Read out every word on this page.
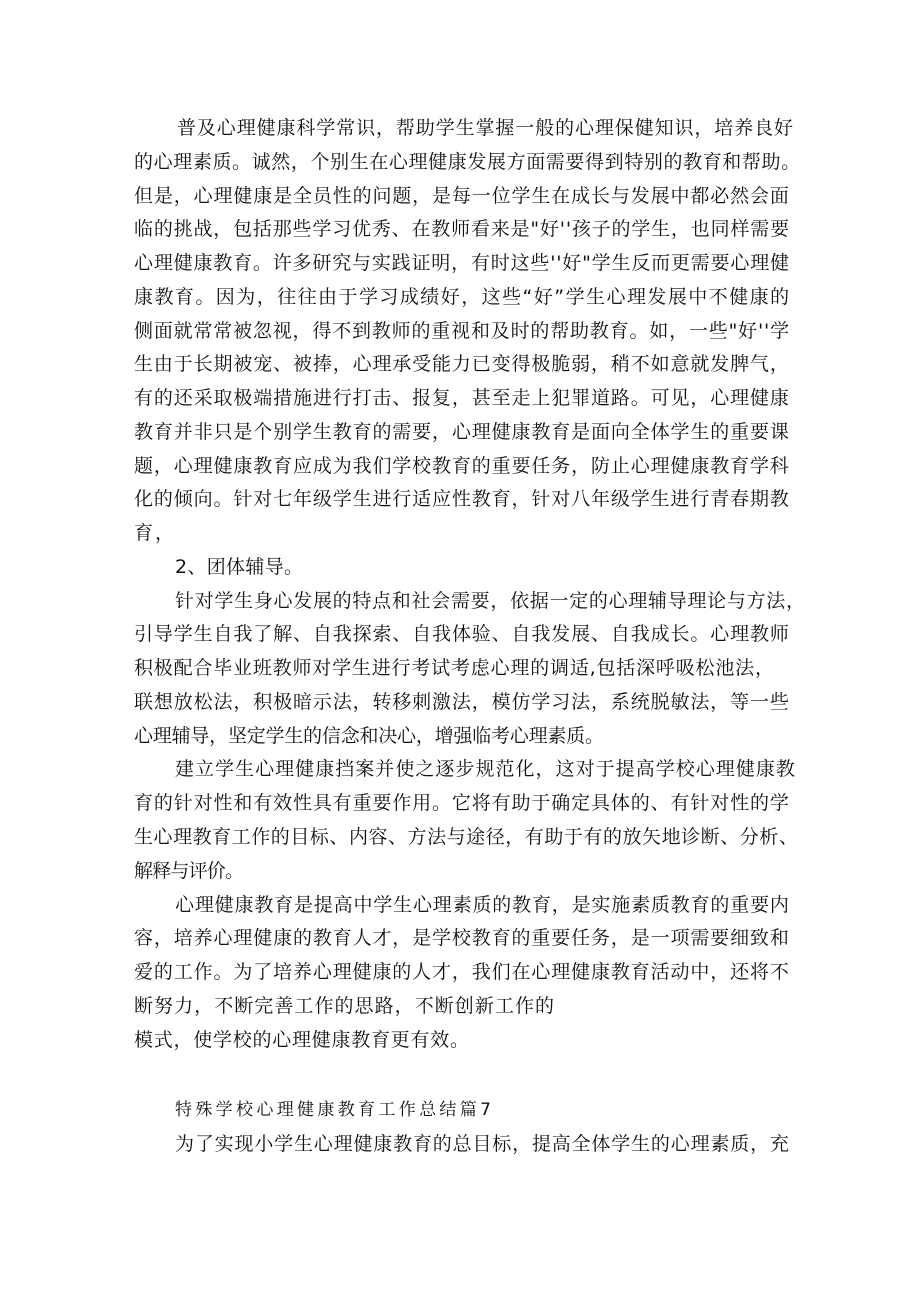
普及心理健康科学常识，帮助学生掌握一般的心理保健知识，培养良好
的心理素质。诚然，个别生在心理健康发展方面需要得到特别的教育和帮助。
但是，心理健康是全员性的问题，是每一位学生在成长与发展中都必然会面
临的挑战，包括那些学习优秀、在教师看来是"好''孩子的学生，也同样需要
心理健康教育。许多研究与实践证明，有时这些''好"学生反而更需要心理健
康教育。因为，往往由于学习成绩好，这些“好”学生心理发展中不健康的
侧面就常常被忽视，得不到教师的重视和及时的帮助教育。如，一些"好''学
生由于长期被宠、被捧，心理承受能力已变得极脆弱，稍不如意就发脾气，
有的还采取极端措施进行打击、报复，甚至走上犯罪道路。可见，心理健康
教育并非只是个别学生教育的需要，心理健康教育是面向全体学生的重要课
题，心理健康教育应成为我们学校教育的重要任务，防止心理健康教育学科
化的倾向。针对七年级学生进行适应性教育，针对八年级学生进行青春期教
育，
2、团体辅导。
针对学生身心发展的特点和社会需要，依据一定的心理辅导理论与方法，
引导学生自我了解、自我探索、自我体验、自我发展、自我成长。心理教师
积极配合毕业班教师对学生进行考试考虑心理的调适,包括深呼吸松池法，
联想放松法，积极暗示法，转移刺激法，模仿学习法，系统脱敏法，等一些
心理辅导，坚定学生的信念和决心，增强临考心理素质。
建立学生心理健康挡案并使之逐步规范化，这对于提高学校心理健康教
育的针对性和有效性具有重要作用。它将有助于确定具体的、有针对性的学
生心理教育工作的目标、内容、方法与途径，有助于有的放矢地诊断、分析、
解释与评价。
心理健康教育是提高中学生心理素质的教育，是实施素质教育的重要内
容，培养心理健康的教育人才，是学校教育的重要任务，是一项需要细致和
爱的工作。为了培养心理健康的人才，我们在心理健康教育活动中，还将不
断努力，不断完善工作的思路，不断创新工作的
模式，使学校的心理健康教育更有效。
特殊学校心理健康教育工作总结篇7
为了实现小学生心理健康教育的总目标，提高全体学生的心理素质，充
